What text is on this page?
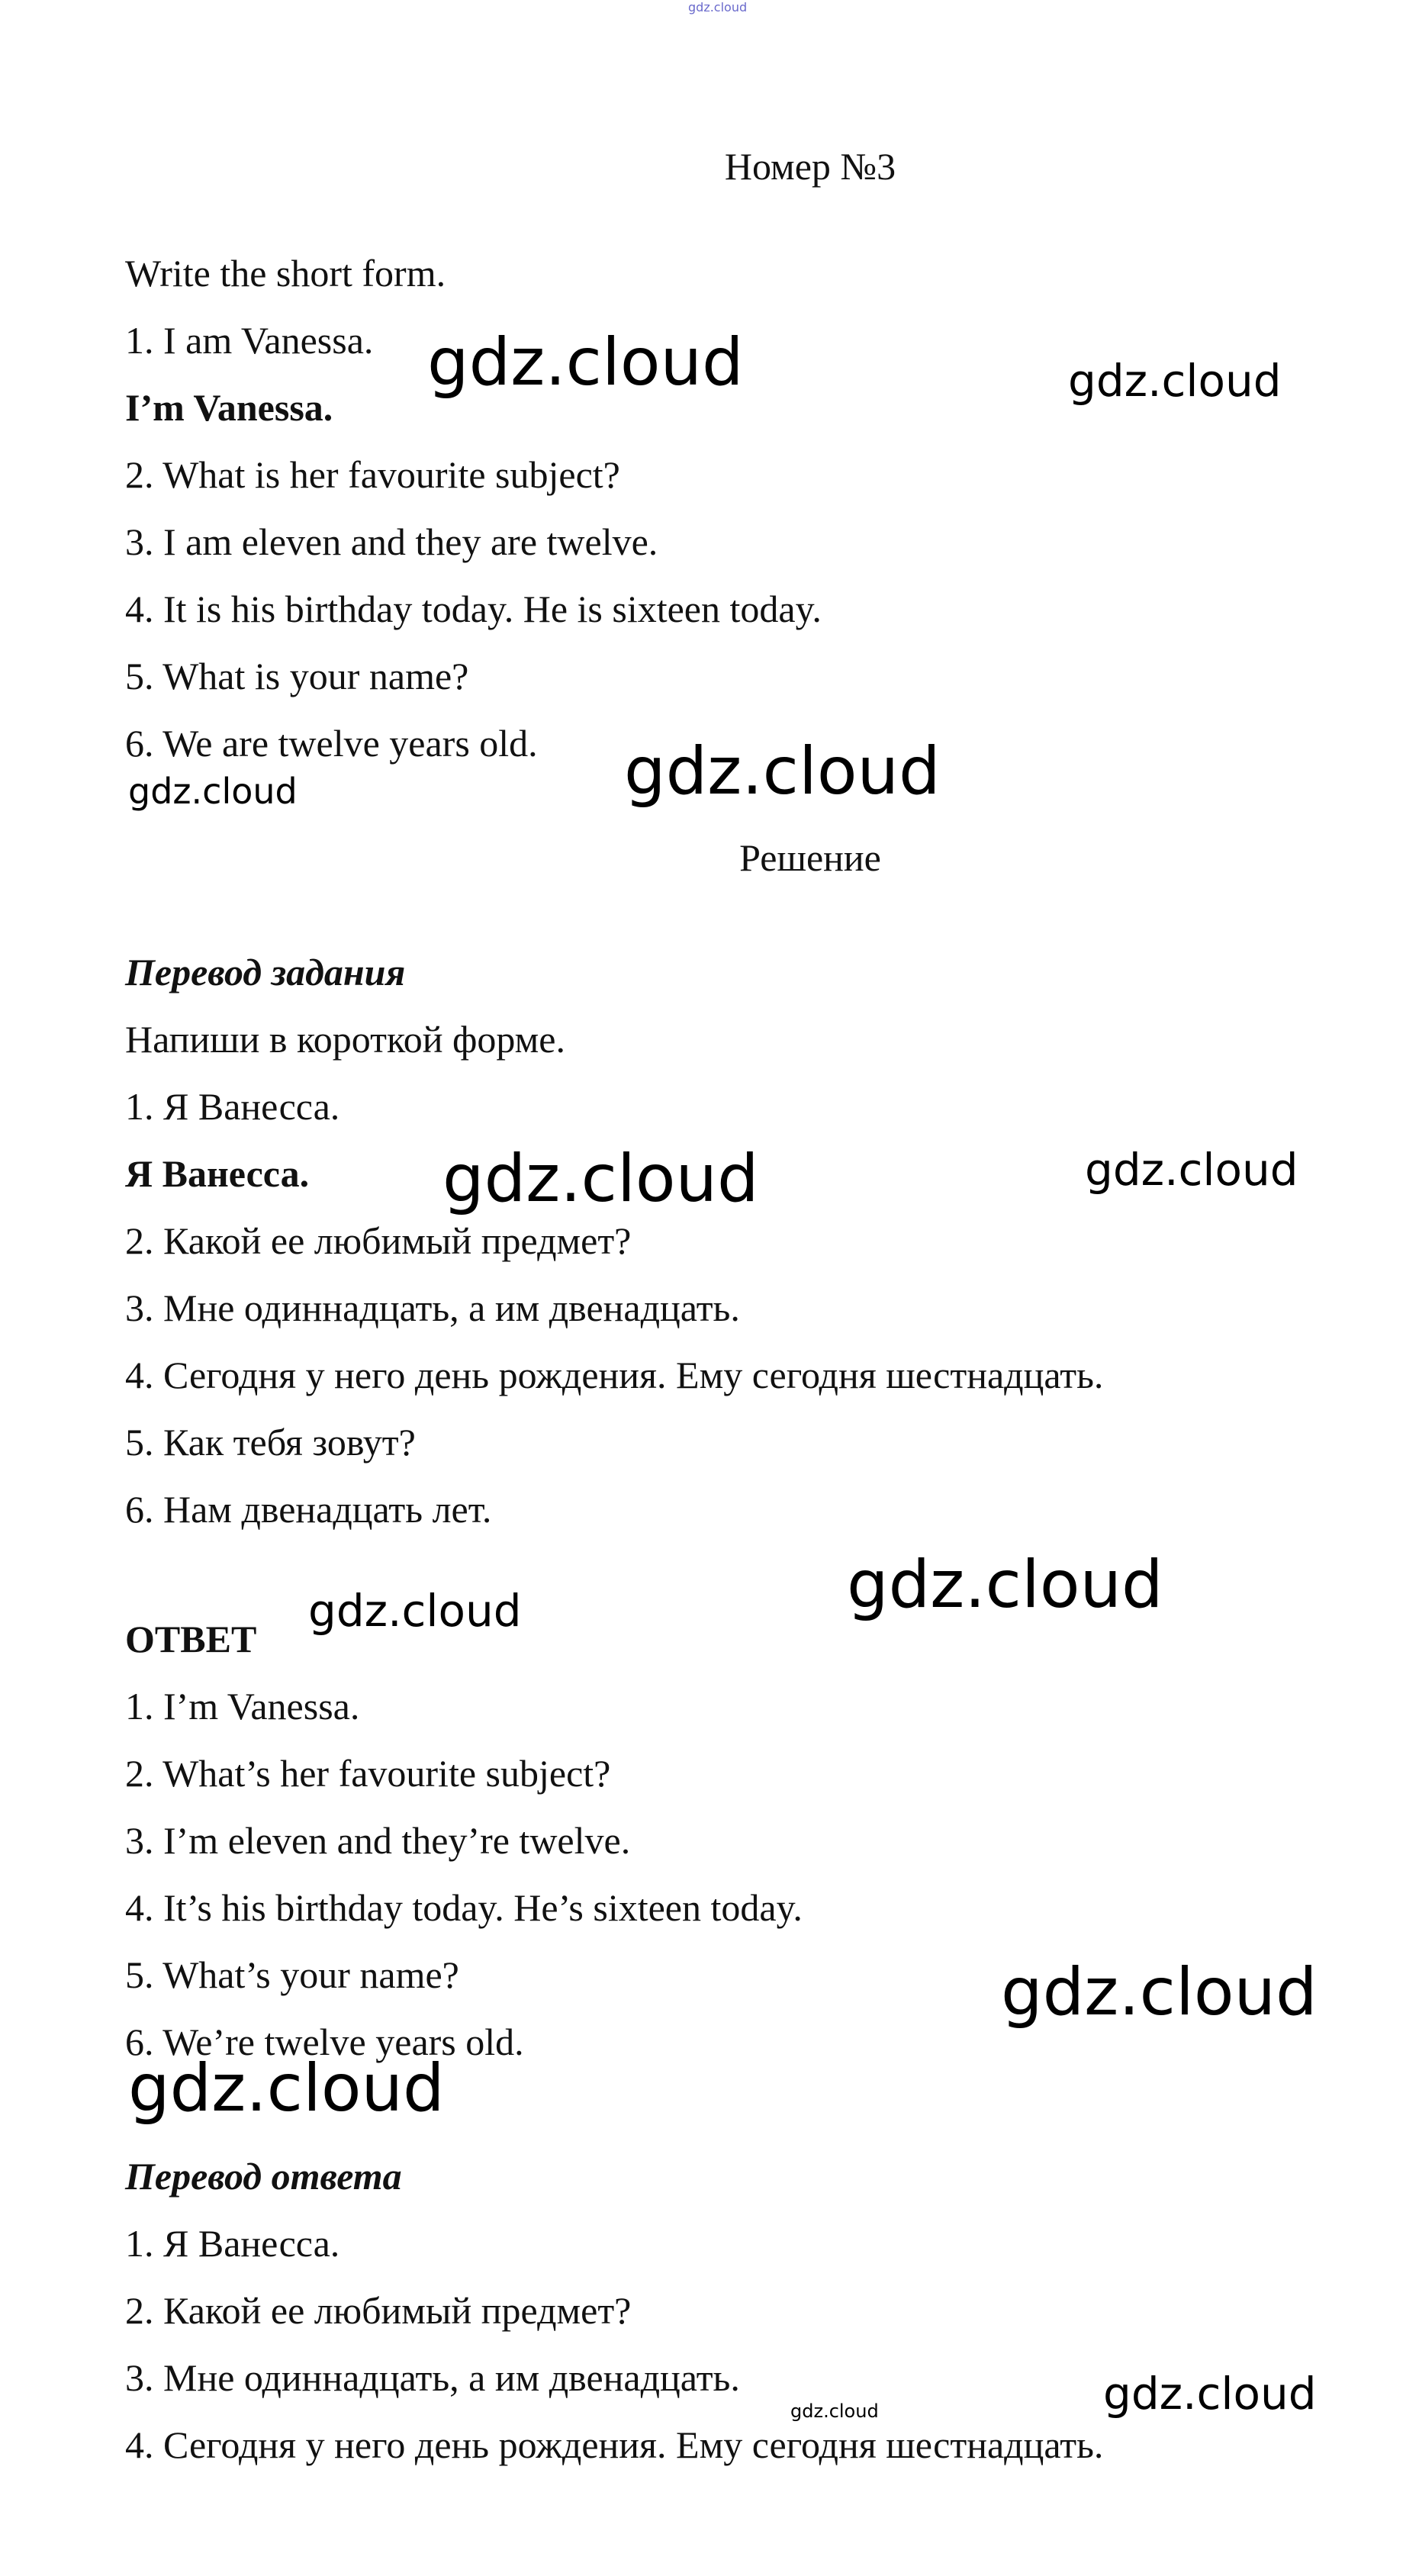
gdz.cloud
Номер №3
Write the short form.
1. I am Vanessa.
I’m Vanessa.
2. What is her favourite subject?
3. I am eleven and they are twelve.
4. It is his birthday today. He is sixteen today.
5. What is your name?
6. We are twelve years old.
Решение
Перевод задания
Напиши в короткой форме.
1. Я Ванесса.
Я Ванесса.
2. Какой ее любимый предмет?
3. Мне одиннадцать, а им двенадцать.
4. Сегодня у него день рождения. Ему сегодня шестнадцать.
5. Как тебя зовут?
6. Нам двенадцать лет.
ОТВЕТ
1. I’m Vanessa.
2. What’s her favourite subject?
3. I’m eleven and they’re twelve.
4. It’s his birthday today. He’s sixteen today.
5. What’s your name?
6. We’re twelve years old.
Перевод ответа
1. Я Ванесса.
2. Какой ее любимый предмет?
3. Мне одиннадцать, а им двенадцать.
4. Сегодня у него день рождения. Ему сегодня шестнадцать.
gdz.cloud	gdz.cloud
gdz.cloud
gdz.cloud
gdz.cloud	gdz.cloud
gdz.cloud
gdz.cloud
gdz.cloud
gdz.cloud
gdz.cloud
gdz.cloud
